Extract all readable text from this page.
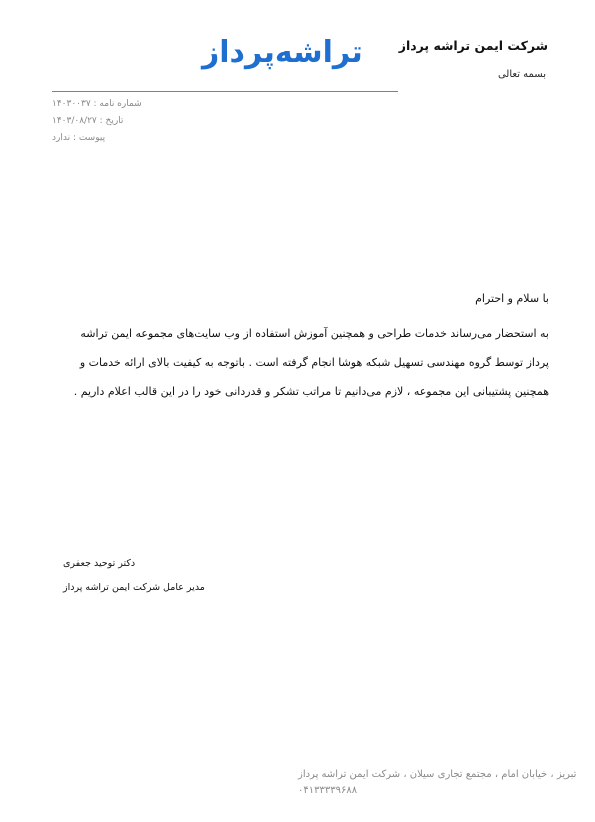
شرکت ایمن تراشه پرداز
بسمه تعالی
تراشه‌پرداز
شماره نامه : ۱۴۰۳۰۰۳۷
تاریخ : ۱۴۰۳/۰۸/۲۷
پیوست : ندارد
با سلام و احترام
به استحضار می‌رساند خدمات طراحی و همچنین آموزش استفاده از وب سایت‌های مجموعه ایمن تراشه
پرداز توسط گروه مهندسی تسهیل شبکه هوشا انجام گرفته است . باتوجه به کیفیت بالای ارائه خدمات و
همچنین پشتیبانی این مجموعه ، لازم می‌دانیم تا مراتب تشکر و قدردانی خود را در این قالب اعلام داریم .
دکتر توحید جعفری
مدیر عامل شرکت ایمن تراشه پرداز
تبریز ، خیابان امام ، مجتمع تجاری سیلان ، شرکت ایمن تراشه پرداز
۰۴۱۳۳۳۳۹۶۸۸
